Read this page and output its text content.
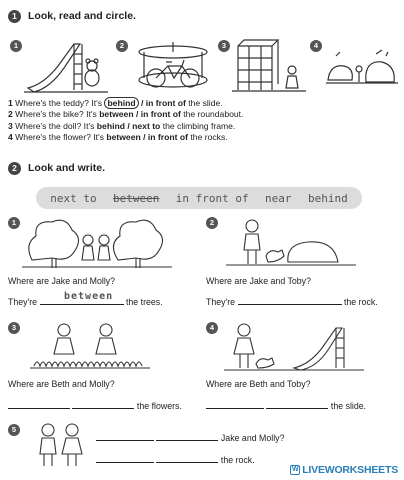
1	Look, read and circle.
1	2	3	4
1 Where's the teddy? It's behind / in front of the slide.
2 Where's the bike? It's between / in front of the roundabout.
3 Where's the doll? It's behind / next to the climbing frame.
4 Where's the flower? It's between / in front of the rocks.
2	Look and write.
next to between in front of near behind
1
Where are Jake and Molly?
They're	the trees.
between
2
Where are Jake and Toby?
They're	the rock.
3
Where are Beth and Molly?
the flowers.
4
Where are Beth and Toby?
the slide.
5
Jake and Molly?
the rock.
W LIVEWORKSHEETS
